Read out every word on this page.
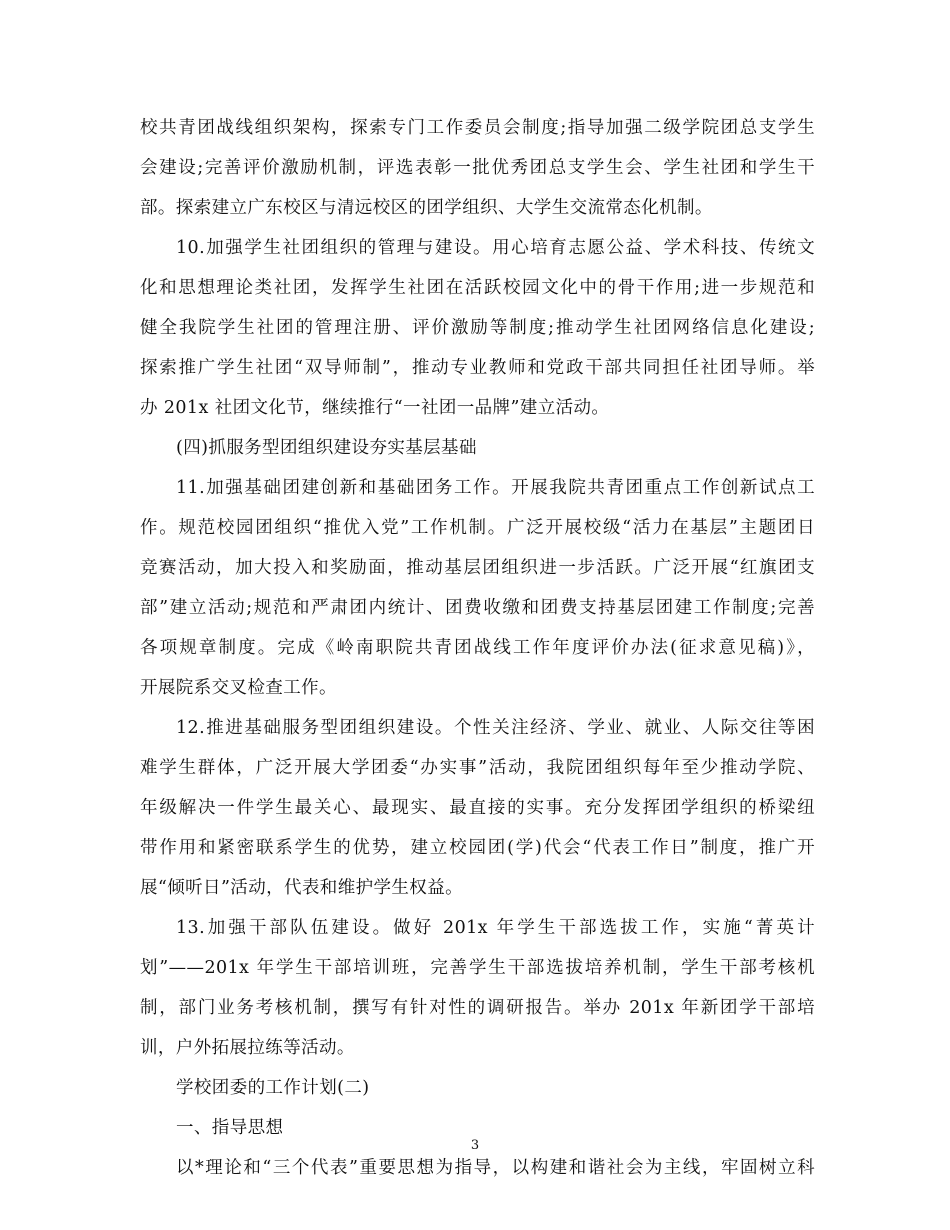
校共青团战线组织架构，探索专门工作委员会制度;指导加强二级学院团总支学生
会建设;完善评价激励机制，评选表彰一批优秀团总支学生会、学生社团和学生干
部。探索建立广东校区与清远校区的团学组织、大学生交流常态化机制。
10.加强学生社团组织的管理与建设。用心培育志愿公益、学术科技、传统文
化和思想理论类社团，发挥学生社团在活跃校园文化中的骨干作用;进一步规范和
健全我院学生社团的管理注册、评价激励等制度;推动学生社团网络信息化建设;
探索推广学生社团“双导师制”，推动专业教师和党政干部共同担任社团导师。举
办 201x 社团文化节，继续推行“一社团一品牌”建立活动。
(四)抓服务型团组织建设夯实基层基础
11.加强基础团建创新和基础团务工作。开展我院共青团重点工作创新试点工
作。规范校园团组织“推优入党”工作机制。广泛开展校级“活力在基层”主题团日
竞赛活动，加大投入和奖励面，推动基层团组织进一步活跃。广泛开展“红旗团支
部”建立活动;规范和严肃团内统计、团费收缴和团费支持基层团建工作制度;完善
各项规章制度。完成《岭南职院共青团战线工作年度评价办法(征求意见稿)》，
开展院系交叉检查工作。
12.推进基础服务型团组织建设。个性关注经济、学业、就业、人际交往等困
难学生群体，广泛开展大学团委“办实事”活动，我院团组织每年至少推动学院、
年级解决一件学生最关心、最现实、最直接的实事。充分发挥团学组织的桥梁纽
带作用和紧密联系学生的优势，建立校园团(学)代会“代表工作日”制度，推广开
展“倾听日”活动，代表和维护学生权益。
13.加强干部队伍建设。做好 201x 年学生干部选拔工作，实施“菁英计
划”——201x 年学生干部培训班，完善学生干部选拔培养机制，学生干部考核机
制，部门业务考核机制，撰写有针对性的调研报告。举办 201x 年新团学干部培
训，户外拓展拉练等活动。
学校团委的工作计划(二)
一、指导思想
以*理论和“三个代表”重要思想为指导，以构建和谐社会为主线，牢固树立科
3
